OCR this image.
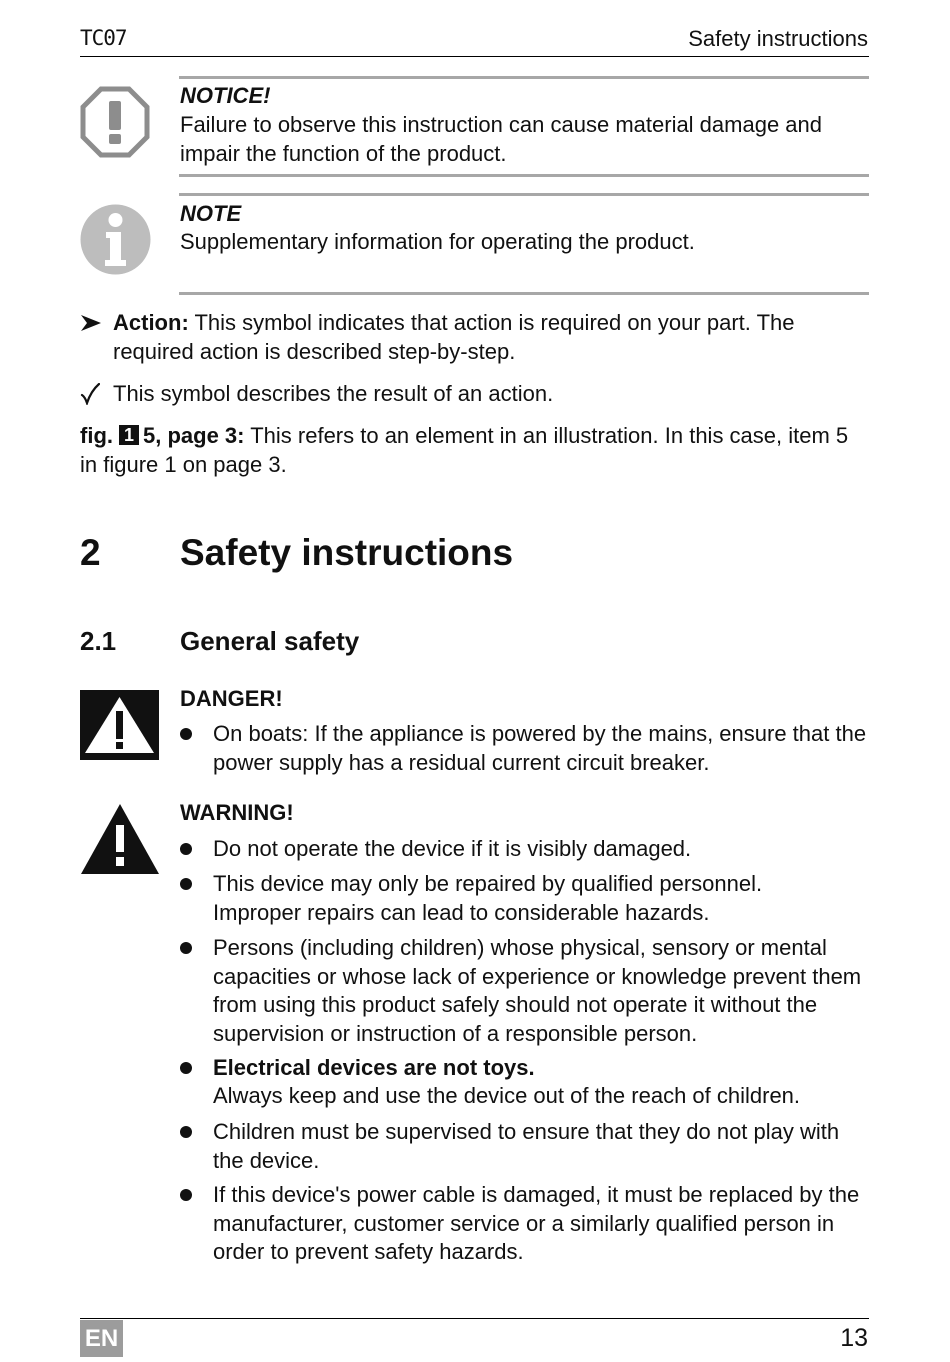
TC07	Safety instructions
NOTICE!
Failure to observe this instruction can cause material damage and impair the function of the product.
NOTE
Supplementary information for operating the product.
Action: This symbol indicates that action is required on your part. The required action is described step-by-step.
This symbol describes the result of an action.
fig. 1 5, page 3: This refers to an element in an illustration. In this case, item 5 in figure 1 on page 3.
2 Safety instructions
2.1 General safety
DANGER!
On boats: If the appliance is powered by the mains, ensure that the power supply has a residual current circuit breaker.
WARNING!
Do not operate the device if it is visibly damaged.
This device may only be repaired by qualified personnel. Improper repairs can lead to considerable hazards.
Persons (including children) whose physical, sensory or mental capacities or whose lack of experience or knowledge prevent them from using this product safely should not operate it without the supervision or instruction of a responsible person.
Electrical devices are not toys.
Always keep and use the device out of the reach of children.
Children must be supervised to ensure that they do not play with the device.
If this device's power cable is damaged, it must be replaced by the manufacturer, customer service or a similarly qualified person in order to prevent safety hazards.
EN	13
